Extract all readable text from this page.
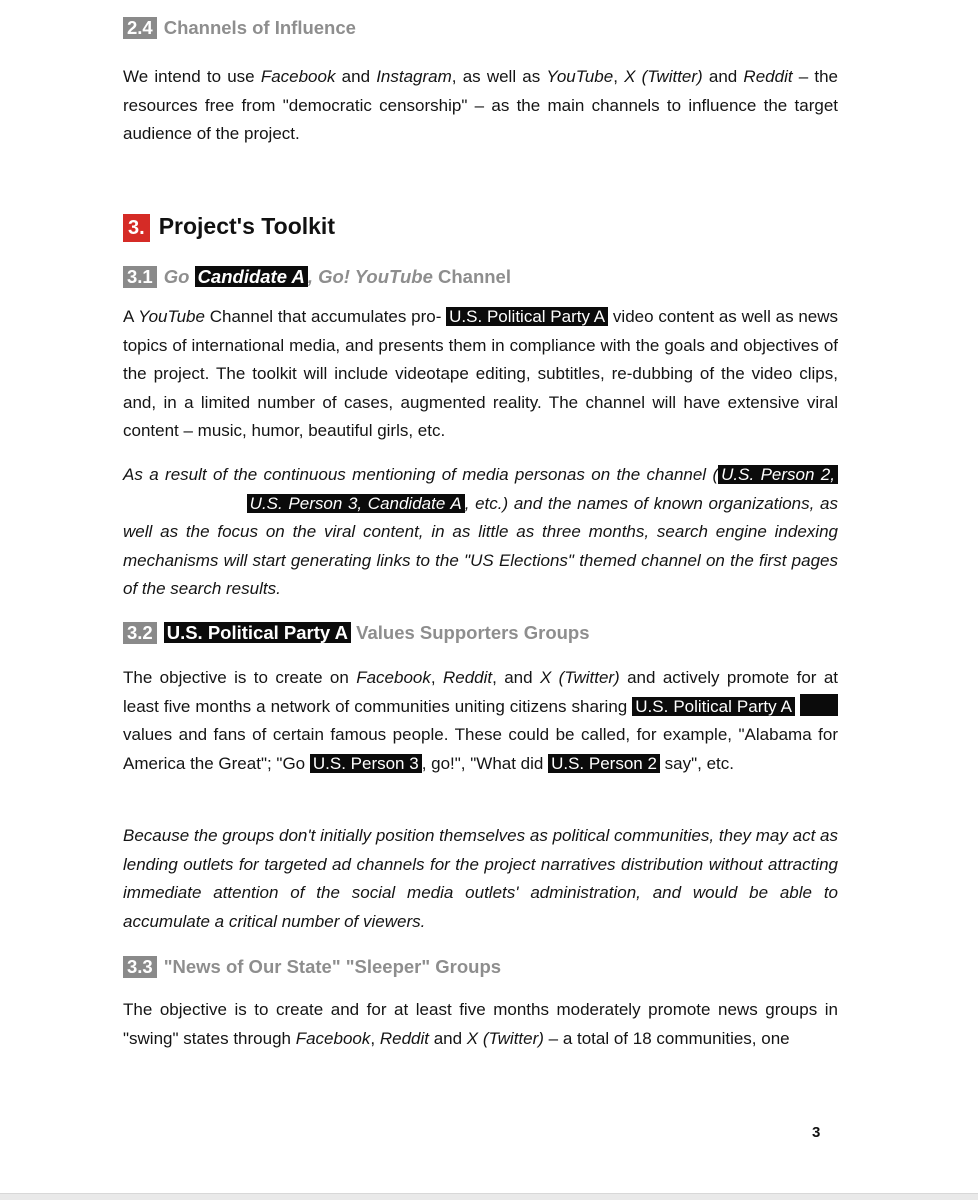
2.4 Channels of Influence

We intend to use Facebook and Instagram, as well as YouTube, X (Twitter) and Reddit – the resources free from "democratic censorship" – as the main channels to influence the target audience of the project.

3. Project's Toolkit
3.1 Go Candidate A , Go! YouTube Channel

A YouTube Channel that accumulates pro- U.S. Political Party A video content as well as news topics of international media, and presents them in compliance with the goals and objectives of the project. The toolkit will include videotape editing, subtitles, re-dubbing of the video clips, and, in a limited number of cases, augmented reality. The channel will have extensive viral content – music, humor, beautiful girls, etc.

As a result of the continuous mentioning of media personas on the channel ( U.S. Person 2, U.S. Person 3, Candidate A , etc.) and the names of known organizations, as well as the focus on the viral content, in as little as three months, search engine indexing mechanisms will start generating links to the "US Elections" themed channel on the first pages of the search results.

3.2 U.S. Political Party A Values Supporters Groups

The objective is to create on Facebook, Reddit, and X (Twitter) and actively promote for at least five months a network of communities uniting citizens sharing U.S. Political Party A  values and fans of certain famous people. These could be called, for example, "Alabama for America the Great"; "Go U.S. Person 3 , go!", "What did U.S. Person 2 say", etc.

Because the groups don't initially position themselves as political communities, they may act as lending outlets for targeted ad channels for the project narratives distribution without attracting immediate attention of the social media outlets' administration, and would be able to accumulate a critical number of viewers.

3.3 "News of Our State" "Sleeper" Groups

The objective is to create and for at least five months moderately promote news groups in "swing" states through Facebook, Reddit and X (Twitter) – a total of 18 communities, one

3
